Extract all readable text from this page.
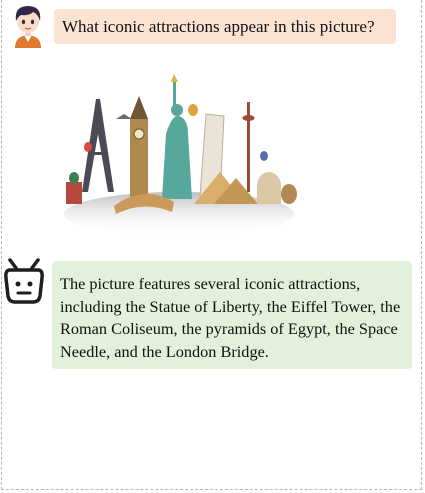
What iconic attractions appear in this picture?
The picture features several iconic attractions, including the Statue of Liberty, the Eiffel Tower, the Roman Coliseum, the pyramids of Egypt, the Space Needle, and the London Bridge.
